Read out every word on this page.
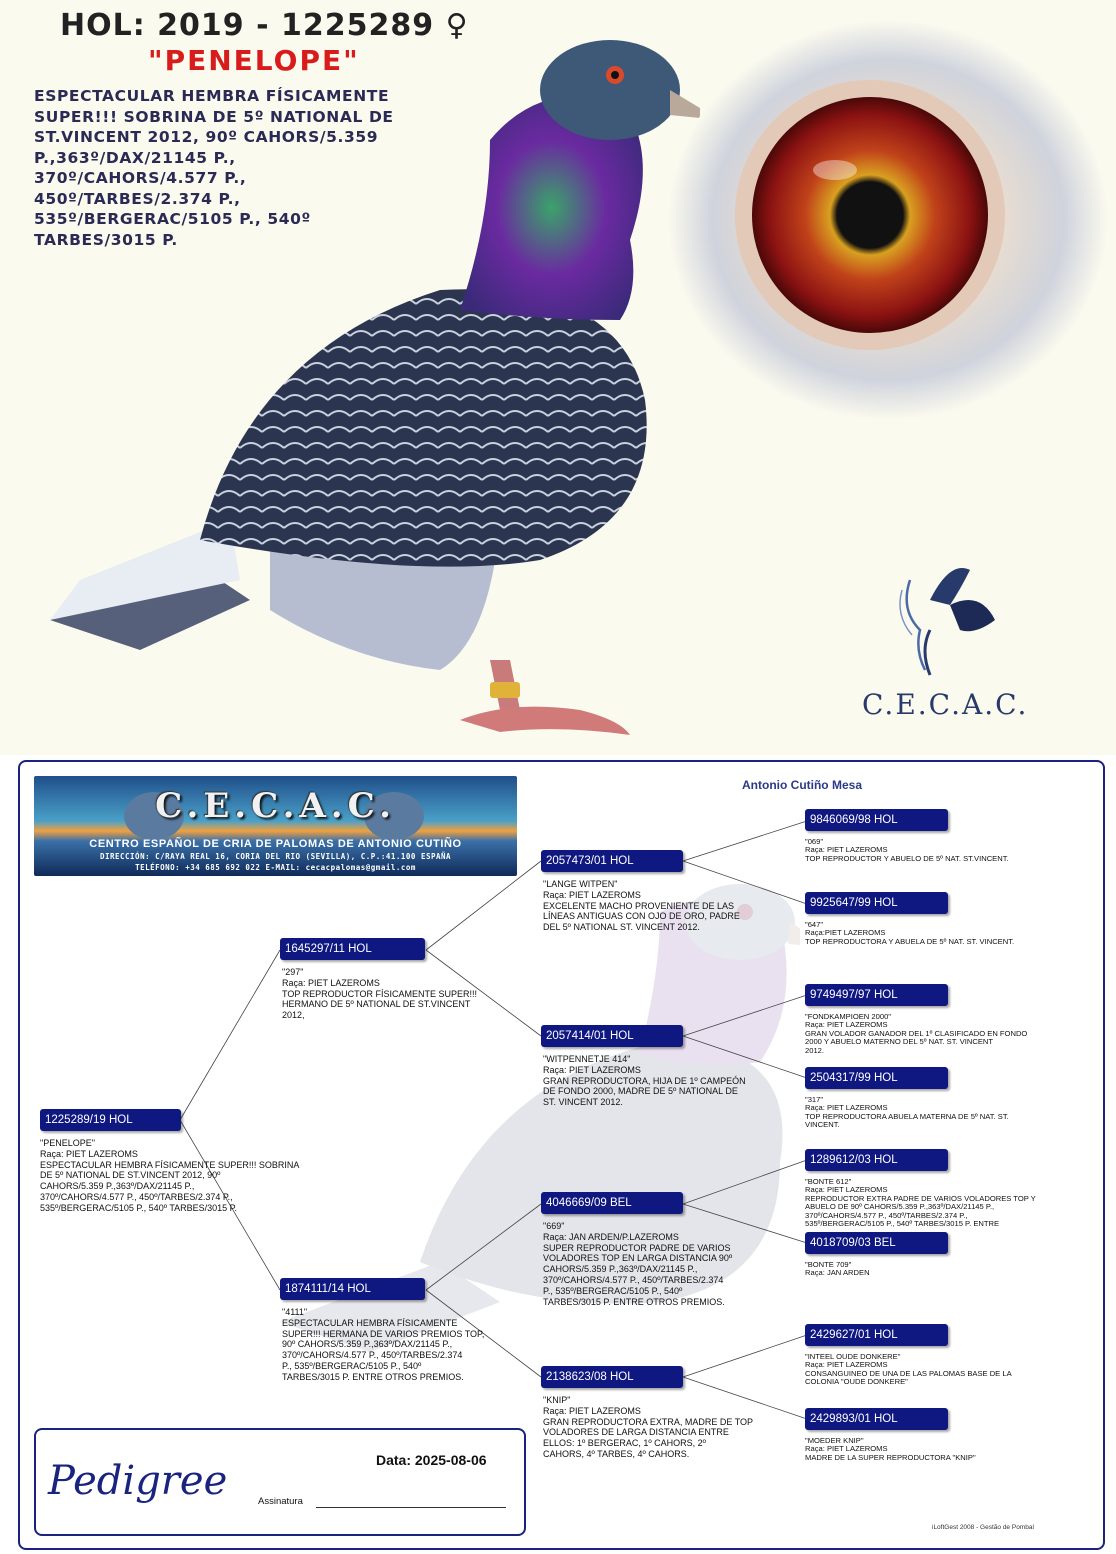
HOL: 2019 - 1225289 ♀
"PENELOPE"
ESPECTACULAR HEMBRA FÍSICAMENTE
SUPER!!! SOBRINA DE 5º NATIONAL DE
ST.VINCENT 2012, 90º CAHORS/5.359
P.,363º/DAX/21145 P.,
370º/CAHORS/4.577 P.,
450º/TARBES/2.374 P.,
535º/BERGERAC/5105 P., 540º
TARBES/3015 P.
C.E.C.A.C.
Antonio Cutiño Mesa
C.E.C.A.C.
CENTRO ESPAÑOL DE CRIA DE PALOMAS DE ANTONIO CUTIÑO
DIRECCIÓN: C/RAYA REAL 16, CORIA DEL RIO (SEVILLA), C.P.:41.100 ESPAÑA
TELÉFONO: +34 685 692 022 E-MAIL: cecacpalomas@gmail.com
1225289/19 HOL
"PENELOPE"
Raça: PIET LAZEROMS
ESPECTACULAR HEMBRA FÍSICAMENTE SUPER!!! SOBRINA
DE 5º NATIONAL DE ST.VINCENT 2012, 90º
CAHORS/5.359 P.,363º/DAX/21145 P.,
370º/CAHORS/4.577 P., 450º/TARBES/2.374 P.,
535º/BERGERAC/5105 P., 540º TARBES/3015 P.
1645297/11 HOL
"297"
Raça: PIET LAZEROMS
TOP REPRODUCTOR FÍSICAMENTE SUPER!!!
HERMANO DE 5º NATIONAL DE ST.VINCENT
2012,
1874111/14 HOL
"4111"
ESPECTACULAR HEMBRA FÍSICAMENTE
SUPER!!! HERMANA DE VARIOS PREMIOS TOP,
90º CAHORS/5.359 P.,363º/DAX/21145 P.,
370º/CAHORS/4.577 P., 450º/TARBES/2.374
P., 535º/BERGERAC/5105 P., 540º
TARBES/3015 P. ENTRE OTROS PREMIOS.
2057473/01 HOL
"LANGE WITPEN"
Raça: PIET LAZEROMS
EXCELENTE MACHO PROVENIENTE DE LAS
LÍNEAS ANTIGUAS CON OJO DE ORO, PADRE
DEL 5º NATIONAL ST. VINCENT 2012.
2057414/01 HOL
"WITPENNETJE 414"
Raça: PIET LAZEROMS
GRAN REPRODUCTORA, HIJA DE 1º CAMPEÓN
DE FONDO 2000, MADRE DE 5º NATIONAL DE
ST. VINCENT 2012.
4046669/09 BEL
"669"
Raça: JAN ARDEN/P.LAZEROMS
SUPER REPRODUCTOR PADRE DE VARIOS
VOLADORES TOP EN LARGA DISTANCIA 90º
CAHORS/5.359 P.,363º/DAX/21145 P.,
370º/CAHORS/4.577 P., 450º/TARBES/2.374
P., 535º/BERGERAC/5105 P., 540º
TARBES/3015 P. ENTRE OTROS PREMIOS.
2138623/08 HOL
"KNIP"
Raça: PIET LAZEROMS
GRAN REPRODUCTORA EXTRA, MADRE DE TOP
VOLADORES DE LARGA DISTANCIA ENTRE
ELLOS: 1º BERGERAC, 1º CAHORS, 2º
CAHORS, 4º TARBES, 4º CAHORS.
9846069/98 HOL
"069"
Raça: PIET LAZEROMS
TOP REPRODUCTOR Y ABUELO DE 5º NAT. ST.VINCENT.
9925647/99 HOL
"647"
Raça:PIET LAZEROMS
TOP REPRODUCTORA Y ABUELA DE 5º NAT. ST. VINCENT.
9749497/97 HOL
"FONDKAMPIOEN 2000"
Raça: PIET LAZEROMS
GRAN VOLADOR GANADOR DEL 1º CLASIFICADO EN FONDO
2000 Y ABUELO MATERNO DEL 5º NAT. ST. VINCENT
2012.
2504317/99 HOL
"317"
Raça: PIET LAZEROMS
TOP REPRODUCTORA ABUELA MATERNA DE 5º NAT. ST.
VINCENT.
1289612/03 HOL
"BONTE 612"
Raça: PIET LAZEROMS
REPRODUCTOR EXTRA PADRE DE VARIOS VOLADORES TOP Y
ABUELO DE 90º CAHORS/5.359 P.,363º/DAX/21145 P.,
370º/CAHORS/4.577 P., 450º/TARBES/2.374 P.,
535º/BERGERAC/5105 P., 540º TARBES/3015 P. ENTRE
4018709/03 BEL
"BONTE 709"
Raça: JAN ARDEN
2429627/01 HOL
"INTEEL OUDE DONKERE"
Raça: PIET LAZEROMS
CONSANGUINEO DE UNA DE LAS PALOMAS BASE DE LA
COLONIA "OUDE DONKERE"
2429893/01 HOL
"MOEDER KNIP"
Raça: PIET LAZEROMS
MADRE DE LA SUPER REPRODUCTORA "KNIP"
Pedigree	Data: 2025-08-06
Assinatura
iLoftGest 2008 - Gestão de Pombal
